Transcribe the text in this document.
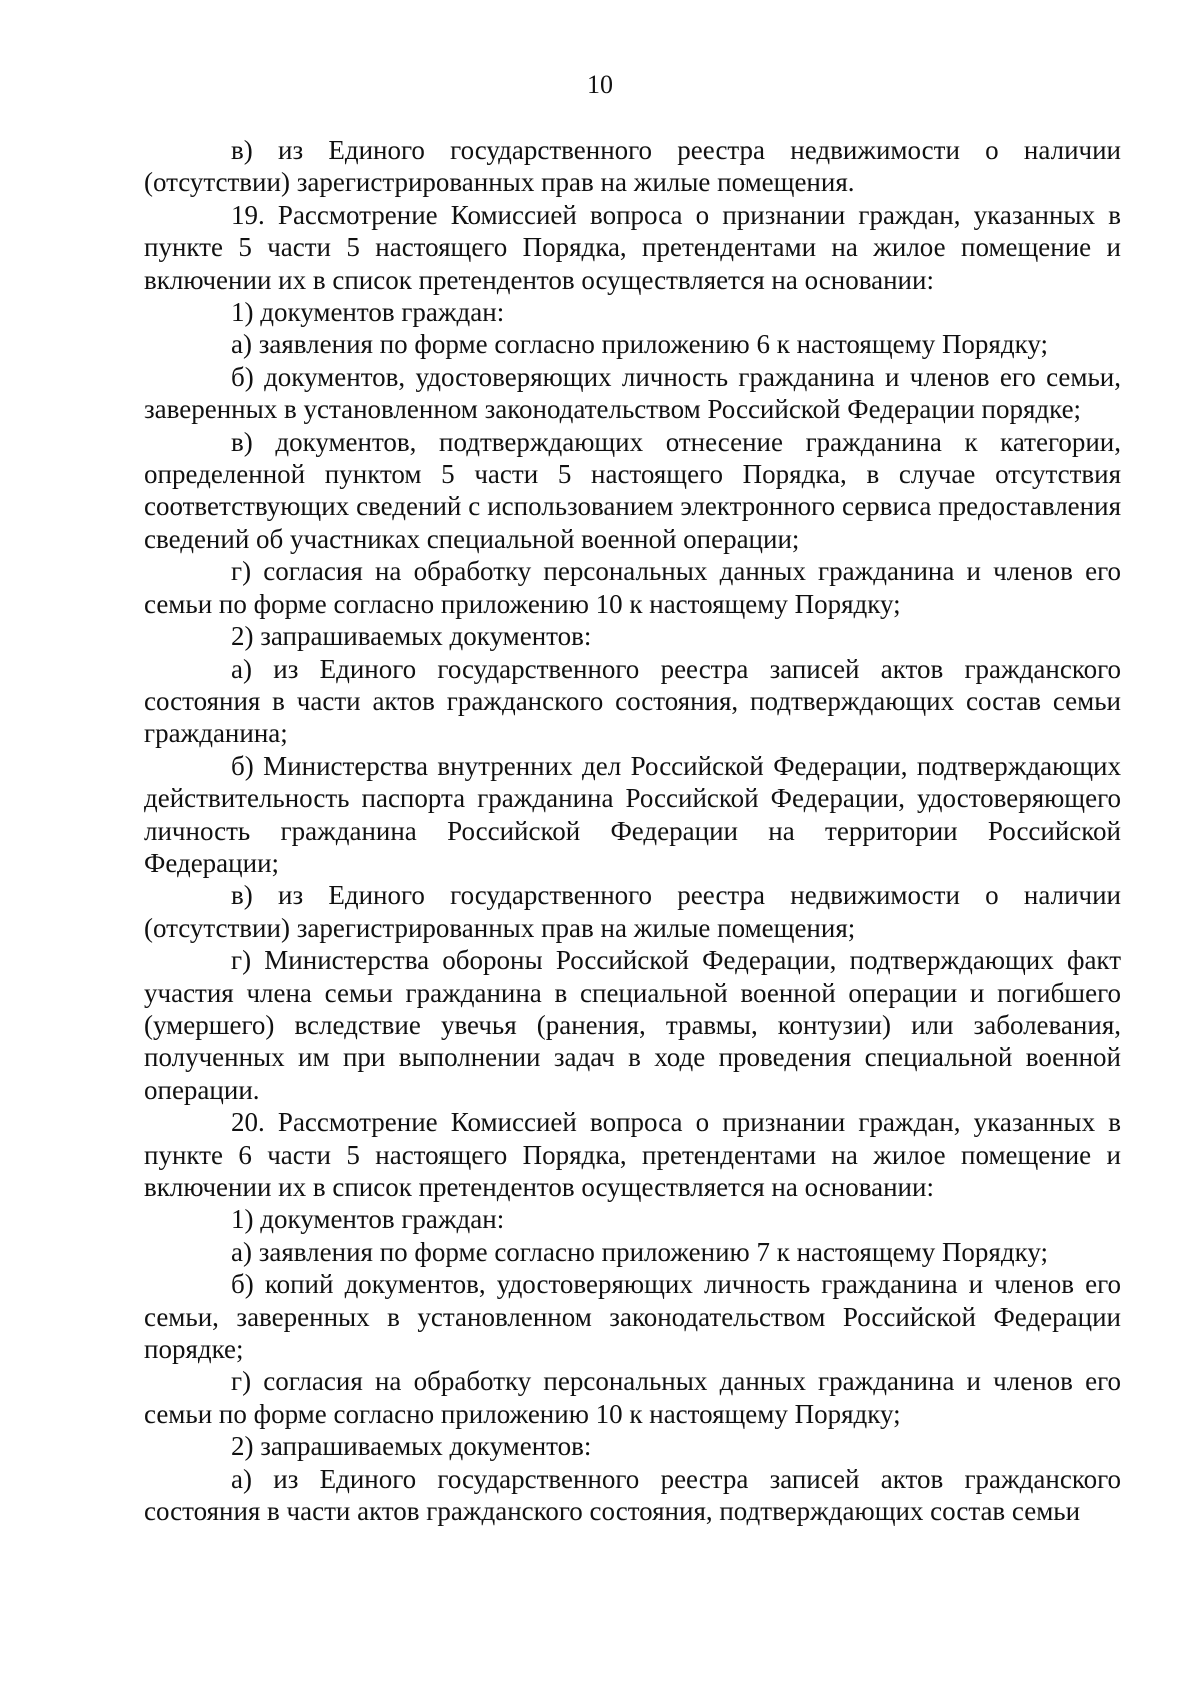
10

в) из Единого государственного реестра недвижимости о наличии (отсутствии) зарегистрированных прав на жилые помещения.

19. Рассмотрение Комиссией вопроса о признании граждан, указанных в пункте 5 части 5 настоящего Порядка, претендентами на жилое помещение и включении их в список претендентов осуществляется на основании:

1) документов граждан:

а) заявления по форме согласно приложению 6 к настоящему Порядку;

б) документов, удостоверяющих личность гражданина и членов его семьи, заверенных в установленном законодательством Российской Федерации порядке;

в) документов, подтверждающих отнесение гражданина к категории, определенной пунктом 5 части 5 настоящего Порядка, в случае отсутствия соответствующих сведений с использованием электронного сервиса предоставления сведений об участниках специальной военной операции;

г) согласия на обработку персональных данных гражданина и членов его семьи по форме согласно приложению 10 к настоящему Порядку;

2) запрашиваемых документов:

а) из Единого государственного реестра записей актов гражданского состояния в части актов гражданского состояния, подтверждающих состав семьи гражданина;

б) Министерства внутренних дел Российской Федерации, подтверждающих действительность паспорта гражданина Российской Федерации, удостоверяющего личность гражданина Российской Федерации на территории Российской Федерации;

в) из Единого государственного реестра недвижимости о наличии (отсутствии) зарегистрированных прав на жилые помещения;

г) Министерства обороны Российской Федерации, подтверждающих факт участия члена семьи гражданина в специальной военной операции и погибшего (умершего) вследствие увечья (ранения, травмы, контузии) или заболевания, полученных им при выполнении задач в ходе проведения специальной военной операции.

20. Рассмотрение Комиссией вопроса о признании граждан, указанных в пункте 6 части 5 настоящего Порядка, претендентами на жилое помещение и включении их в список претендентов осуществляется на основании:

1) документов граждан:

а) заявления по форме согласно приложению 7 к настоящему Порядку;

б) копий документов, удостоверяющих личность гражданина и членов его семьи, заверенных в установленном законодательством Российской Федерации порядке;

г) согласия на обработку персональных данных гражданина и членов его семьи по форме согласно приложению 10 к настоящему Порядку;

2) запрашиваемых документов:

а) из Единого государственного реестра записей актов гражданского состояния в части актов гражданского состояния, подтверждающих состав семьи
